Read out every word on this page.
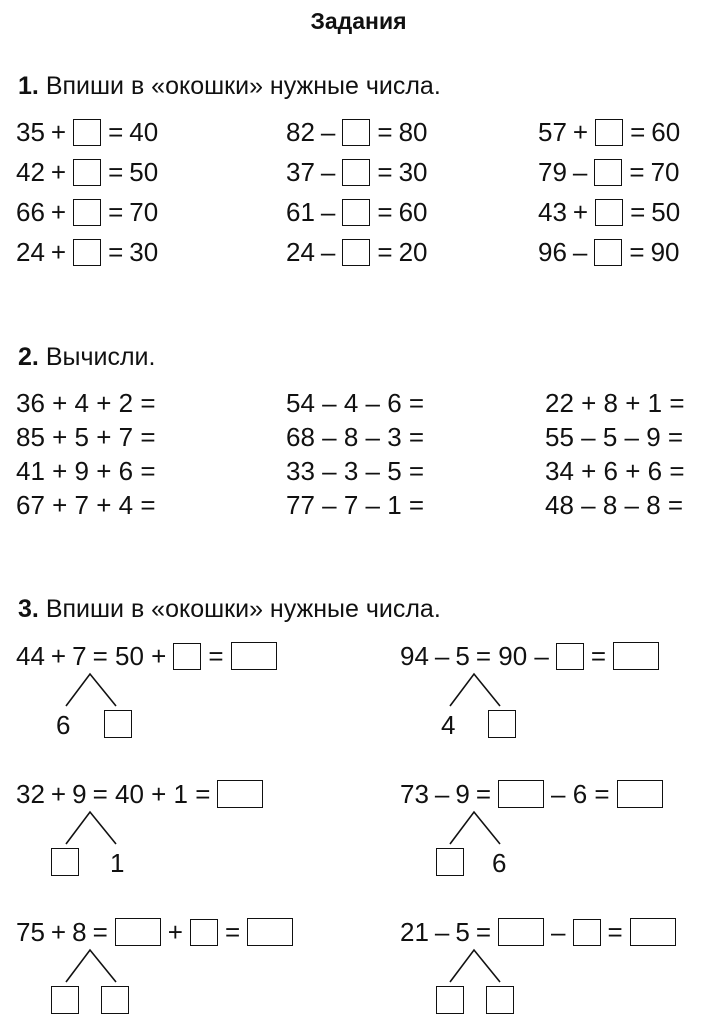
Задания
1. Впиши в «окошки» нужные числа.
35 + = 40
42 + = 50
66 + = 70
24 + = 30
82 – = 80
37 – = 30
61 – = 60
24 – = 20
57 + = 60
79 – = 70
43 + = 50
96 – = 90
2. Вычисли.
36 + 4 + 2 =
85 + 5 + 7 =
41 + 9 + 6 =
67 + 7 + 4 =
54 – 4 – 6 =
68 – 8 – 3 =
33 – 3 – 5 =
77 – 7 – 1 =
22 + 8 + 1 =
55 – 5 – 9 =
34 + 6 + 6 =
48 – 8 – 8 =
3. Впиши в «окошки» нужные числа.
44 + 7 = 50 + =
6
94 – 5 = 90 – =
4
32 + 9 = 40 + 1 =
1
73 – 9 = – 6 =
6
75 + 8 = + =	21 – 5 = – =
